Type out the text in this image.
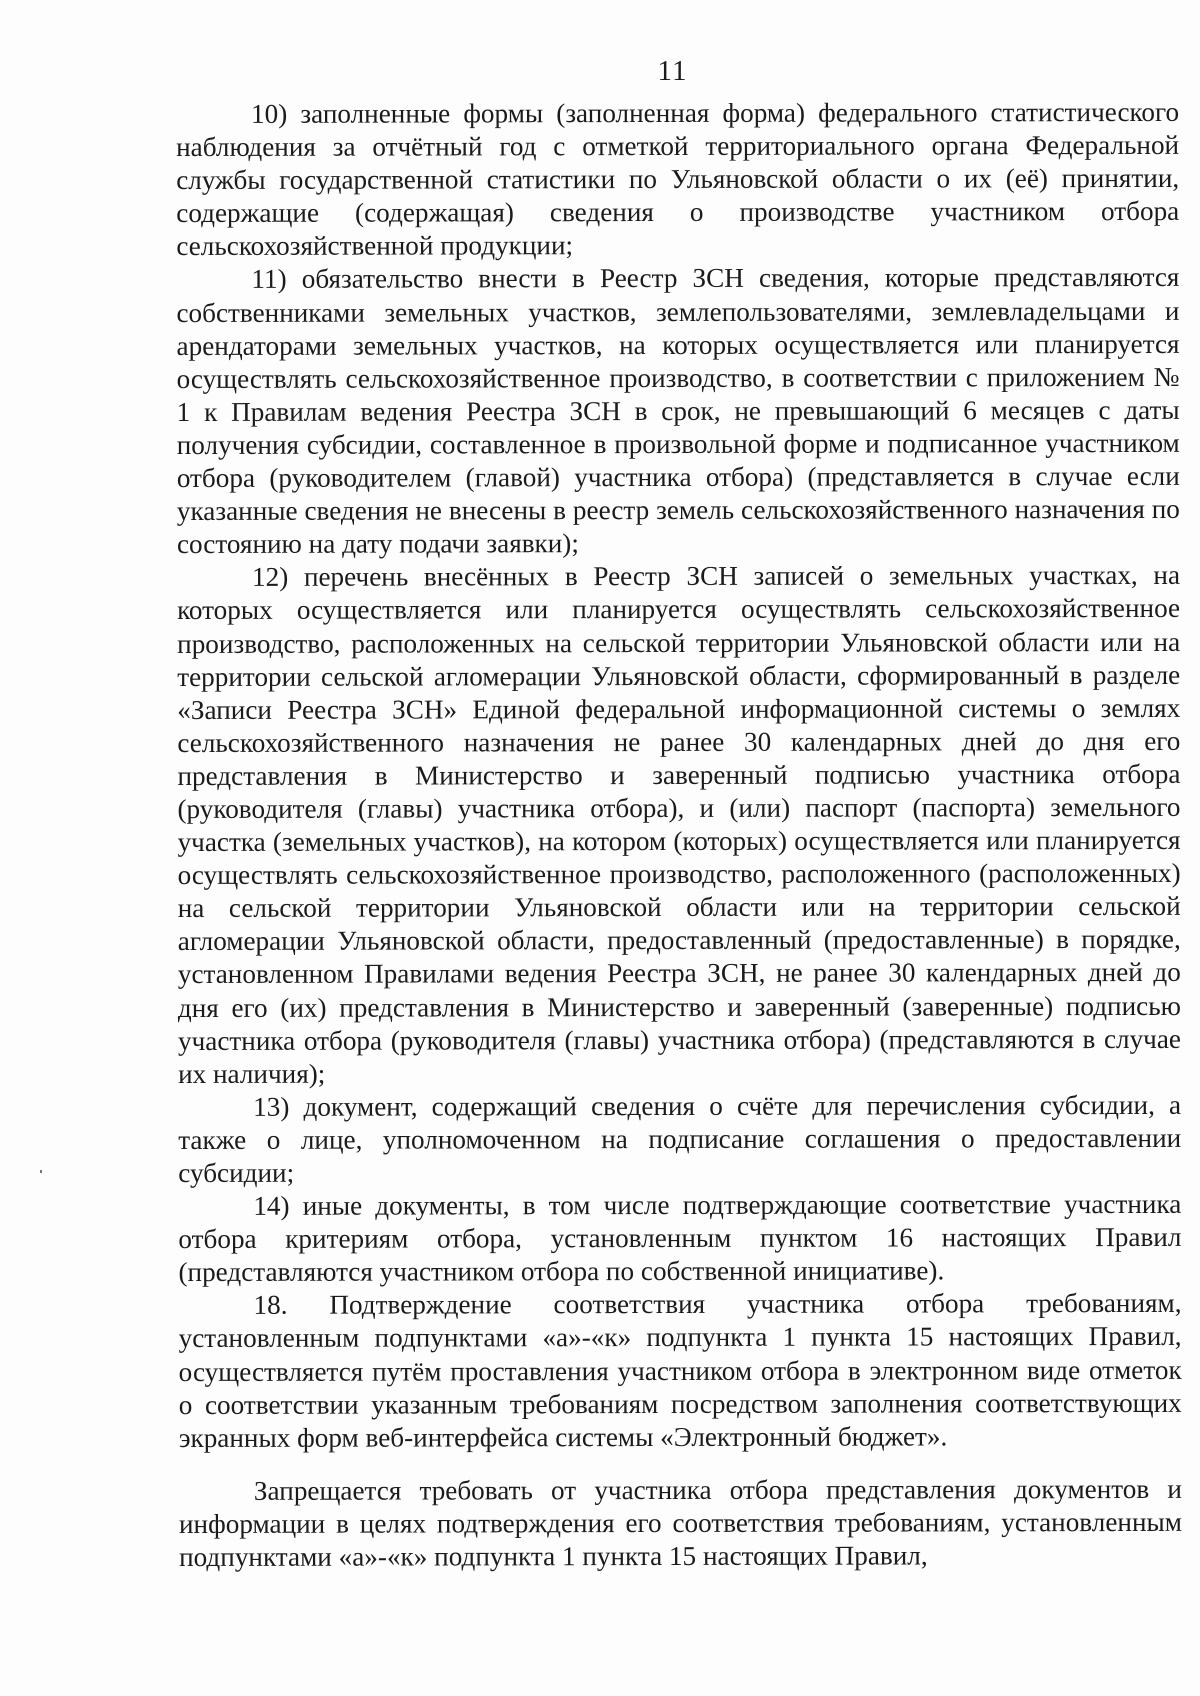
11

10) заполненные формы (заполненная форма) федерального статистического наблюдения за отчётный год с отметкой территориального органа Федеральной службы государственной статистики по Ульяновской области о их (её) принятии, содержащие (содержащая) сведения о производстве участником отбора сельскохозяйственной продукции;

11) обязательство внести в Реестр ЗСН сведения, которые представляются собственниками земельных участков, землепользователями, землевладельцами и арендаторами земельных участков, на которых осуществляется или планируется осуществлять сельскохозяйственное производство, в соответствии с приложением № 1 к Правилам ведения Реестра ЗСН в срок, не превышающий 6 месяцев с даты получения субсидии, составленное в произвольной форме и подписанное участником отбора (руководителем (главой) участника отбора) (представляется в случае если указанные сведения не внесены в реестр земель сельскохозяйственного назначения по состоянию на дату подачи заявки);

12) перечень внесённых в Реестр ЗСН записей о земельных участках, на которых осуществляется или планируется осуществлять сельскохозяйственное производство, расположенных на сельской территории Ульяновской области или на территории сельской агломерации Ульяновской области, сформированный в разделе «Записи Реестра ЗСН» Единой федеральной информационной системы о землях сельскохозяйственного назначения не ранее 30 календарных дней до дня его представления в Министерство и заверенный подписью участника отбора (руководителя (главы) участника отбора), и (или) паспорт (паспорта) земельного участка (земельных участков), на котором (которых) осуществляется или планируется осуществлять сельскохозяйственное производство, расположенного (расположенных) на сельской территории Ульяновской области или на территории сельской агломерации Ульяновской области, предоставленный (предоставленные) в порядке, установленном Правилами ведения Реестра ЗСН, не ранее 30 календарных дней до дня его (их) представления в Министерство и заверенный (заверенные) подписью участника отбора (руководителя (главы) участника отбора) (представляются в случае их наличия);

13) документ, содержащий сведения о счёте для перечисления субсидии, а также о лице, уполномоченном на подписание соглашения о предоставлении субсидии;

14) иные документы, в том числе подтверждающие соответствие участника отбора критериям отбора, установленным пунктом 16 настоящих Правил (представляются участником отбора по собственной инициативе).

18. Подтверждение соответствия участника отбора требованиям, установленным подпунктами «а»-«к» подпункта 1 пункта 15 настоящих Правил, осуществляется путём проставления участником отбора в электронном виде отметок о соответствии указанным требованиям посредством заполнения соответствующих экранных форм веб-интерфейса системы «Электронный бюджет».

Запрещается требовать от участника отбора представления документов и информации в целях подтверждения его соответствия требованиям, установленным подпунктами «а»-«к» подпункта 1 пункта 15 настоящих Правил,
